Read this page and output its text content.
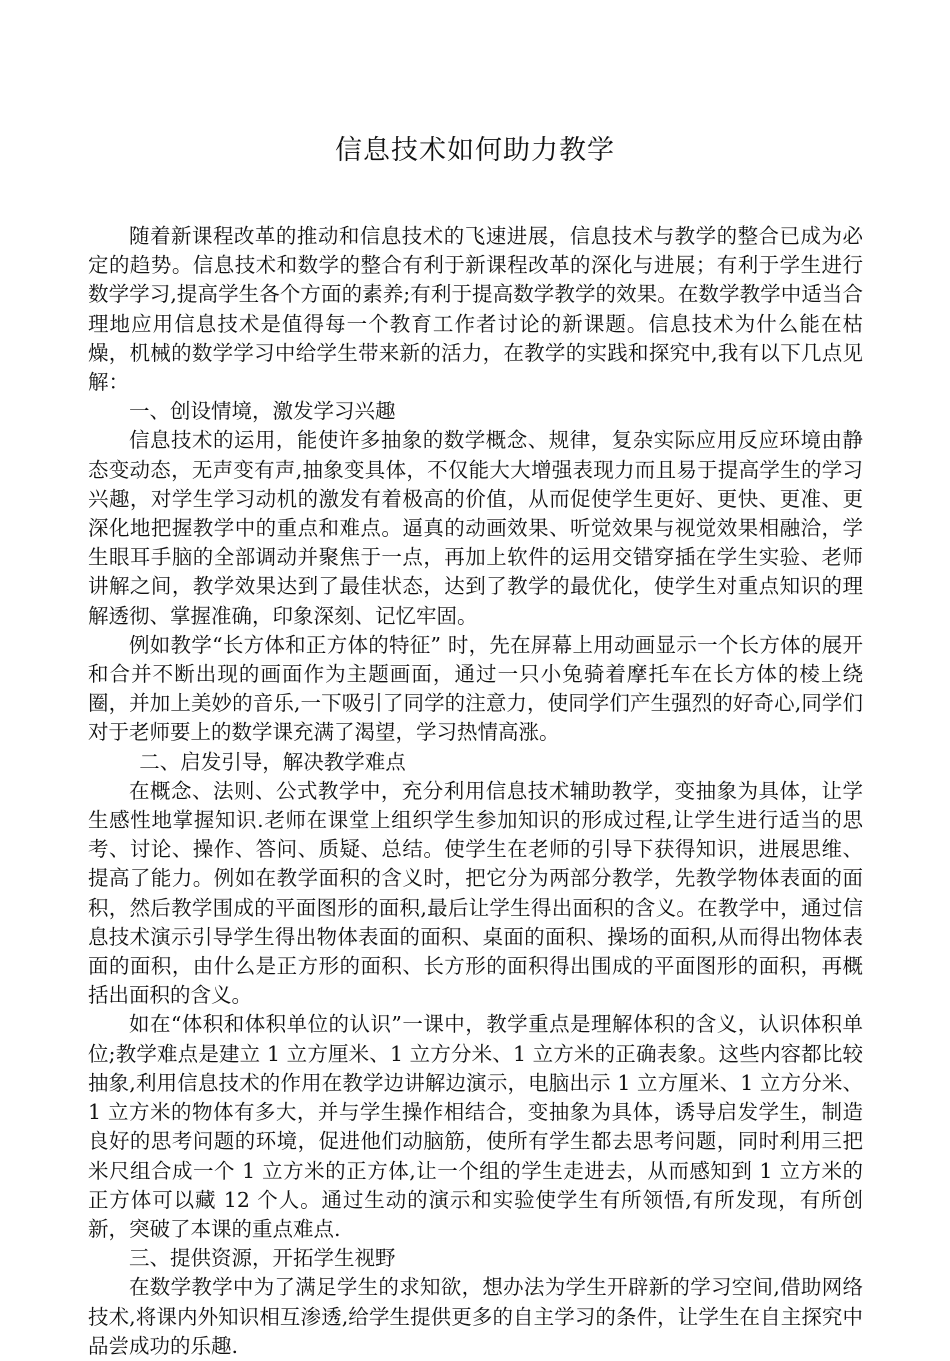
信息技术如何助力教学

随着新课程改革的推动和信息技术的飞速进展，信息技术与教学的整合已成为必定的趋势。信息技术和数学的整合有利于新课程改革的深化与进展；有利于学生进行数学学习,提高学生各个方面的素养;有利于提高数学教学的效果。在数学教学中适当合理地应用信息技术是值得每一个教育工作者讨论的新课题。信息技术为什么能在枯燥，机械的数学学习中给学生带来新的活力，在教学的实践和探究中,我有以下几点见解：

一、创设情境，激发学习兴趣

信息技术的运用，能使许多抽象的数学概念、规律，复杂实际应用反应环境由静态变动态，无声变有声,抽象变具体，不仅能大大增强表现力而且易于提高学生的学习兴趣，对学生学习动机的激发有着极高的价值，从而促使学生更好、更快、更准、更深化地把握教学中的重点和难点。逼真的动画效果、听觉效果与视觉效果相融洽，学生眼耳手脑的全部调动并聚焦于一点，再加上软件的运用交错穿插在学生实验、老师讲解之间，教学效果达到了最佳状态，达到了教学的最优化，使学生对重点知识的理解透彻、掌握准确，印象深刻、记忆牢固。

例如教学“长方体和正方体的特征” 时，先在屏幕上用动画显示一个长方体的展开和合并不断出现的画面作为主题画面，通过一只小兔骑着摩托车在长方体的棱上绕圈，并加上美妙的音乐,一下吸引了同学的注意力，使同学们产生强烈的好奇心,同学们对于老师要上的数学课充满了渴望，学习热情高涨。

二、启发引导，解决教学难点

在概念、法则、公式教学中，充分利用信息技术辅助教学，变抽象为具体，让学生感性地掌握知识.老师在课堂上组织学生参加知识的形成过程,让学生进行适当的思考、讨论、操作、答问、质疑、总结。使学生在老师的引导下获得知识，进展思维、提高了能力。例如在教学面积的含义时，把它分为两部分教学，先教学物体表面的面积，然后教学围成的平面图形的面积,最后让学生得出面积的含义。在教学中，通过信息技术演示引导学生得出物体表面的面积、桌面的面积、操场的面积,从而得出物体表面的面积，由什么是正方形的面积、长方形的面积得出围成的平面图形的面积，再概括出面积的含义。

如在“体积和体积单位的认识”一课中，教学重点是理解体积的含义，认识体积单位;教学难点是建立 1 立方厘米、1 立方分米、1 立方米的正确表象。这些内容都比较抽象,利用信息技术的作用在教学边讲解边演示，电脑出示 1 立方厘米、1 立方分米、1 立方米的物体有多大，并与学生操作相结合，变抽象为具体，诱导启发学生，制造良好的思考问题的环境，促进他们动脑筋，使所有学生都去思考问题，同时利用三把米尺组合成一个 1 立方米的正方体,让一个组的学生走进去，从而感知到 1 立方米的正方体可以藏 12 个人。通过生动的演示和实验使学生有所领悟,有所发现，有所创新，突破了本课的重点难点.

三、提供资源，开拓学生视野

在数学教学中为了满足学生的求知欲，想办法为学生开辟新的学习空间,借助网络技术,将课内外知识相互渗透,给学生提供更多的自主学习的条件，让学生在自主探究中品尝成功的乐趣.
